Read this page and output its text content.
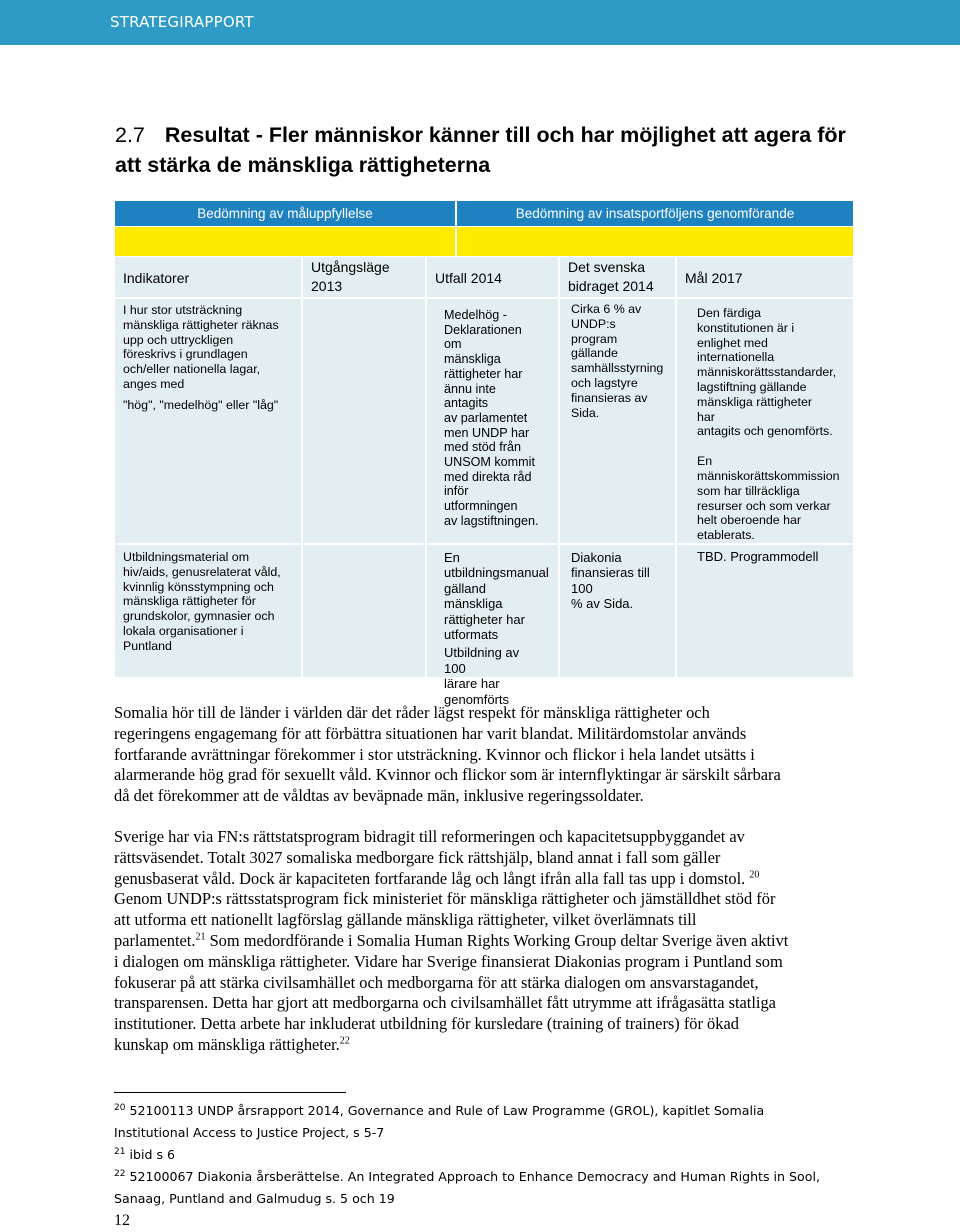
STRATEGIRAPPORT
2.7 Resultat - Fler människor känner till och har möjlighet att agera för att stärka de mänskliga rättigheterna
Bedömning av måluppfyllelse	Bedömning av insatsportföljens genomförande
Indikatorer
Utgångsläge
2013	Utfall 2014
Det svenska
bidraget 2014 Mål 2017
I hur stor utsträckning
mänskliga rättigheter räknas
upp och uttryckligen
föreskrivs i grundlagen
och/eller nationella lagar,
anges med
"hög", "medelhög" eller "låg"
Medelhög -
Deklarationen om
mänskliga
rättigheter har
ännu inte antagits
av parlamentet
men UNDP har
med stöd från
UNSOM kommit
med direkta råd
inför utformningen
av lagstiftningen.
Cirka 6 % av
UNDP:s program
gällande
samhällsstyrning
och lagstyre
finansieras av
Sida.
Den färdiga
konstitutionen är i
enlighet med
internationella
människorättsstandarder,
lagstiftning gällande
mänskliga rättigheter har
antagits och genomförts.
En
människorättskommission
som har tillräckliga
resurser och som verkar
helt oberoende har
etablerats.
Utbildningsmaterial om
hiv/aids, genusrelaterat våld,
kvinnlig könsstympning och
mänskliga rättigheter för
grundskolor, gymnasier och
lokala organisationer i
Puntland
En
utbildningsmanual
gälland mänskliga
rättigheter har
utformats
Utbildning av 100
lärare har
genomförts
Diakonia
finansieras till 100
% av Sida.
TBD. Programmodell
Somalia hör till de länder i världen där det råder lägst respekt för mänskliga rättigheter och
regeringens engagemang för att förbättra situationen har varit blandat. Militärdomstolar används
fortfarande avrättningar förekommer i stor utsträckning. Kvinnor och flickor i hela landet utsätts i
alarmerande hög grad för sexuellt våld. Kvinnor och flickor som är internflyktingar är särskilt sårbara
då det förekommer att de våldtas av beväpnade män, inklusive regeringssoldater.
Sverige har via FN:s rättstatsprogram bidragit till reformeringen och kapacitetsuppbyggandet av
rättsväsendet. Totalt 3027 somaliska medborgare fick rättshjälp, bland annat i fall som gäller
genusbaserat våld. Dock är kapaciteten fortfarande låg och långt ifrån alla fall tas upp i domstol. $^{20}$
Genom UNDP:s rättsstatsprogram fick ministeriet för mänskliga rättigheter och jämställdhet stöd för
att utforma ett nationellt lagförslag gällande mänskliga rättigheter, vilket överlämnats till
parlamentet.$^{21}$ Som medordförande i Somalia Human Rights Working Group deltar Sverige även aktivt
i dialogen om mänskliga rättigheter. Vidare har Sverige finansierat Diakonias program i Puntland som
fokuserar på att stärka civilsamhället och medborgarna för att stärka dialogen om ansvarstagandet,
transparensen. Detta har gjort att medborgarna och civilsamhället fått utrymme att ifrågasätta statliga
institutioner. Detta arbete har inkluderat utbildning för kursledare (training of trainers) för ökad
kunskap om mänskliga rättigheter.$^{22}$

$^{20}$ 52100113 UNDP årsrapport 2014, Governance and Rule of Law Programme (GROL), kapitlet Somalia

Institutional Access to Justice Project, s 5-7

$^{21}$ ibid s 6

$^{22}$ 52100067 Diakonia årsberättelse. An Integrated Approach to Enhance Democracy and Human Rights in Sool,

Sanaag, Puntland and Galmudug s. 5 och 19

12
